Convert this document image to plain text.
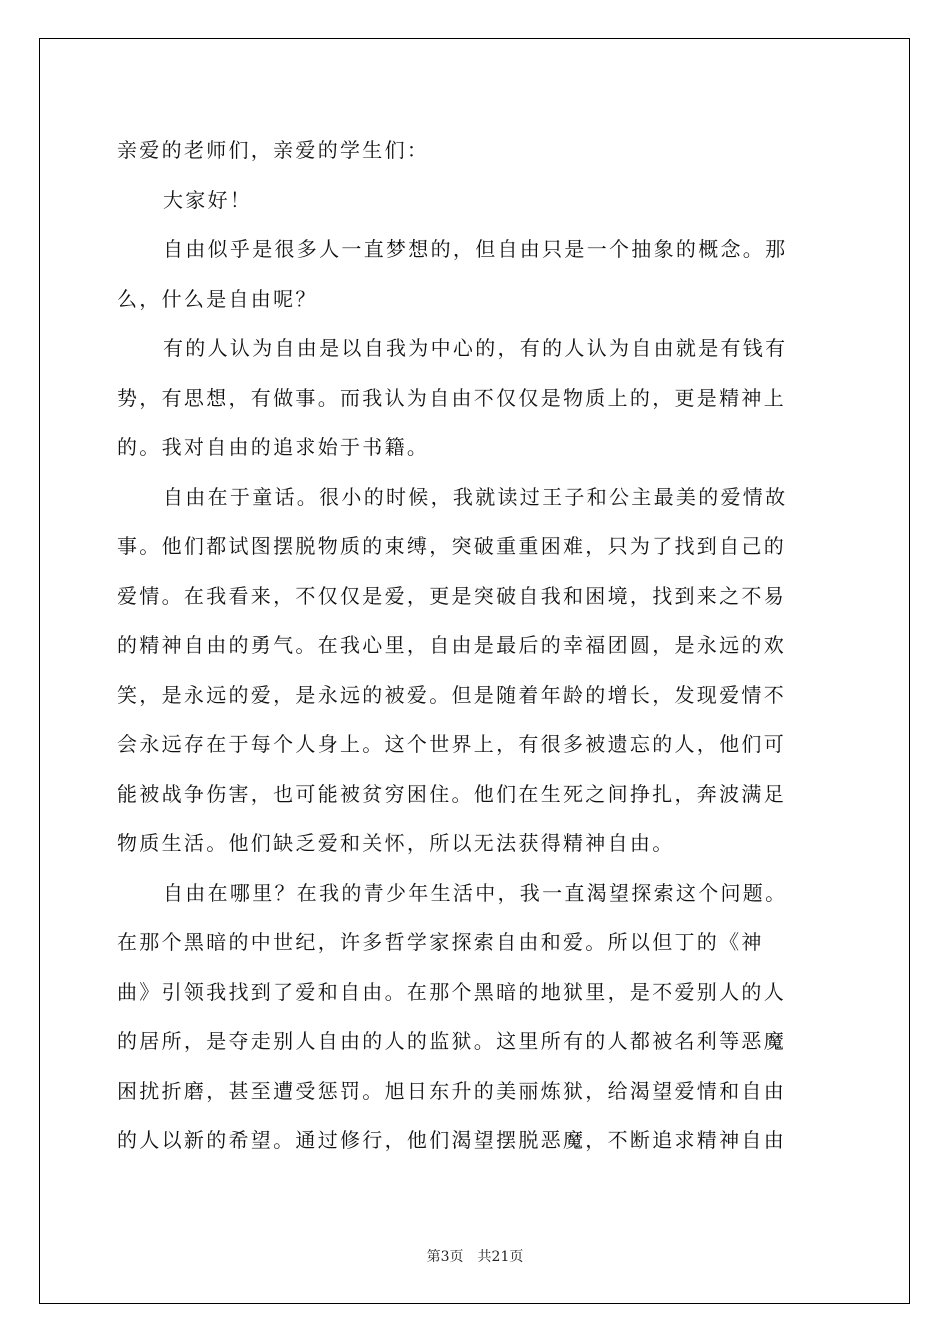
亲爱的老师们，亲爱的学生们：
大家好！
自由似乎是很多人一直梦想的，但自由只是一个抽象的概念。那
么，什么是自由呢？
有的人认为自由是以自我为中心的，有的人认为自由就是有钱有
势，有思想，有做事。而我认为自由不仅仅是物质上的，更是精神上
的。我对自由的追求始于书籍。
自由在于童话。很小的时候，我就读过王子和公主最美的爱情故
事。他们都试图摆脱物质的束缚，突破重重困难，只为了找到自己的
爱情。在我看来，不仅仅是爱，更是突破自我和困境，找到来之不易
的精神自由的勇气。在我心里，自由是最后的幸福团圆，是永远的欢
笑，是永远的爱，是永远的被爱。但是随着年龄的增长，发现爱情不
会永远存在于每个人身上。这个世界上，有很多被遗忘的人，他们可
能被战争伤害，也可能被贫穷困住。他们在生死之间挣扎，奔波满足
物质生活。他们缺乏爱和关怀，所以无法获得精神自由。
自由在哪里？在我的青少年生活中，我一直渴望探索这个问题。
在那个黑暗的中世纪，许多哲学家探索自由和爱。所以但丁的《神
曲》引领我找到了爱和自由。在那个黑暗的地狱里，是不爱别人的人
的居所，是夺走别人自由的人的监狱。这里所有的人都被名利等恶魔
困扰折磨，甚至遭受惩罚。旭日东升的美丽炼狱，给渴望爱情和自由
的人以新的希望。通过修行，他们渴望摆脱恶魔，不断追求精神自由
第3页　共21页
